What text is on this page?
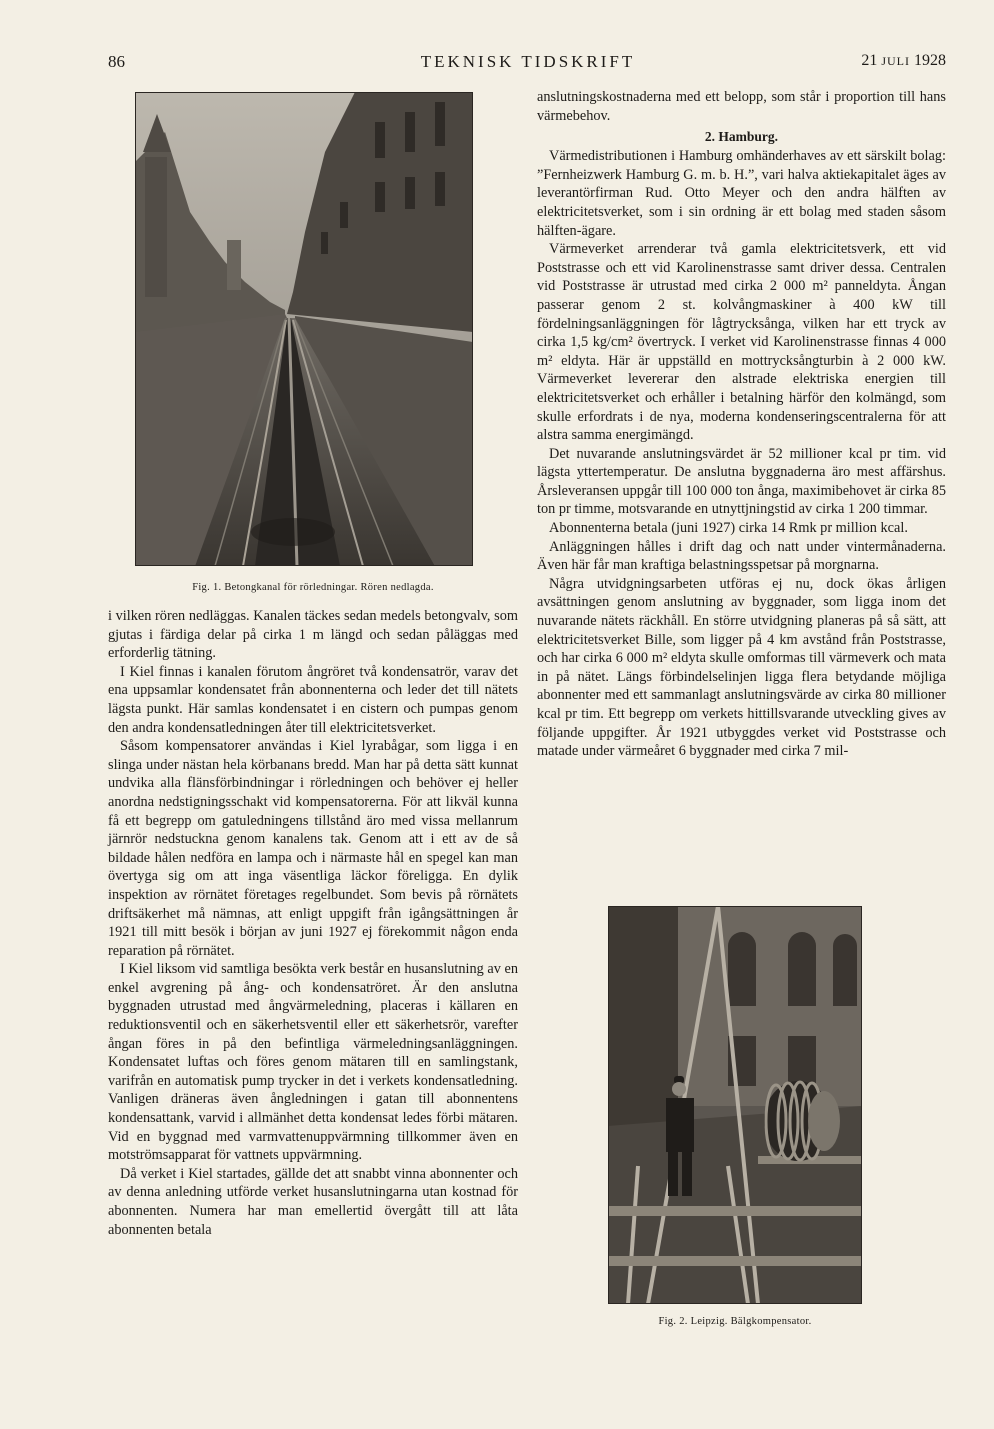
86	TEKNISK TIDSKRIFT	21 JULI 1928
Fig. 1. Betongkanal för rörledningar. Rören nedlagda.

i vilken rören nedläggas. Kanalen täckes sedan medels betongvalv, som gjutas i färdiga delar på cirka 1 m längd och sedan påläggas med erforderlig tätning.

I Kiel finnas i kanalen förutom ångröret två kondensatrör, varav det ena uppsamlar kondensatet från abonnenterna och leder det till nätets lägsta punkt. Här samlas kondensatet i en cistern och pumpas genom den andra kondensatledningen åter till elektricitetsverket.

Såsom kompensatorer användas i Kiel lyrabågar, som ligga i en slinga under nästan hela körbanans bredd. Man har på detta sätt kunnat undvika alla flänsförbindningar i rörledningen och behöver ej heller anordna nedstigningsschakt vid kompensatorerna. För att likväl kunna få ett begrepp om gatuledningens tillstånd äro med vissa mellanrum järnrör nedstuckna genom kanalens tak. Genom att i ett av de så bildade hålen nedföra en lampa och i närmaste hål en spegel kan man övertyga sig om att inga väsentliga läckor föreligga. En dylik inspektion av rörnätet företages regelbundet. Som bevis på rörnätets driftsäkerhet må nämnas, att enligt uppgift från igångsättningen år 1921 till mitt besök i början av juni 1927 ej förekommit någon enda reparation på rörnätet.

I Kiel liksom vid samtliga besökta verk består en husanslutning av en enkel avgrening på ång- och kondensatröret. Är den anslutna byggnaden utrustad med ångvärmeledning, placeras i källaren en reduktionsventil och en säkerhetsventil eller ett säkerhetsrör, varefter ångan föres in på den befintliga värmeledningsanläggningen. Kondensatet luftas och föres genom mätaren till en samlingstank, varifrån en automatisk pump trycker in det i verkets kondensatledning. Vanligen dräneras även ångledningen i gatan till abonnentens kondensattank, varvid i allmänhet detta kondensat ledes förbi mätaren. Vid en byggnad med varmvattenuppvärmning tillkommer även en motströmsapparat för vattnets uppvärmning.

Då verket i Kiel startades, gällde det att snabbt vinna abonnenter och av denna anledning utförde verket husanslutningarna utan kostnad för abonnenten. Numera har man emellertid övergått till att låta abonnenten betala

anslutningskostnaderna med ett belopp, som står i proportion till hans värmebehov.

2. Hamburg.

Värmedistributionen i Hamburg omhänderhaves av ett särskilt bolag: ”Fernheizwerk Hamburg G. m. b. H.”, vari halva aktiekapitalet äges av leverantörfirman Rud. Otto Meyer och den andra hälften av elektricitetsverket, som i sin ordning är ett bolag med staden såsom hälften-ägare.

Värmeverket arrenderar två gamla elektricitetsverk, ett vid Poststrasse och ett vid Karolinenstrasse samt driver dessa. Centralen vid Poststrasse är utrustad med cirka 2 000 m² panneldyta. Ångan passerar genom 2 st. kolvångmaskiner à 400 kW till fördelningsanläggningen för lågtrycksånga, vilken har ett tryck av cirka 1,5 kg/cm² övertryck. I verket vid Karolinenstrasse finnas 4 000 m² eldyta. Här är uppställd en mottrycksångturbin à 2 000 kW. Värmeverket levererar den alstrade elektriska energien till elektricitetsverket och erhåller i betalning härför den kolmängd, som skulle erfordrats i de nya, moderna kondenseringscentralerna för att alstra samma energimängd.

Det nuvarande anslutningsvärdet är 52 millioner kcal pr tim. vid lägsta yttertemperatur. De anslutna byggnaderna äro mest affärshus. Årsleveransen uppgår till 100 000 ton ånga, maximibehovet är cirka 85 ton pr timme, motsvarande en utnyttjningstid av cirka 1 200 timmar.

Abonnenterna betala (juni 1927) cirka 14 Rmk pr million kcal.

Anläggningen hålles i drift dag och natt under vintermånaderna. Även här får man kraftiga belastningsspetsar på morgnarna.

Några utvidgningsarbeten utföras ej nu, dock ökas årligen avsättningen genom anslutning av byggnader, som ligga inom det nuvarande nätets räckhåll. En större utvidgning planeras på så sätt, att elektricitetsverket Bille, som ligger på 4 km avstånd från Poststrasse, och har cirka 6 000 m² eldyta skulle omformas till värmeverk och mata in på nätet. Längs förbindelselinjen ligga flera betydande möjliga abonnenter med ett sammanlagt anslutningsvärde av cirka 80 millioner kcal pr tim. Ett begrepp om verkets hittillsvarande utveckling gives av följande uppgifter. År 1921 utbyggdes verket vid Poststrasse och matade under värmeåret 6 byggnader med cirka 7 mil-

Fig. 2. Leipzig. Bälgkompensator.
